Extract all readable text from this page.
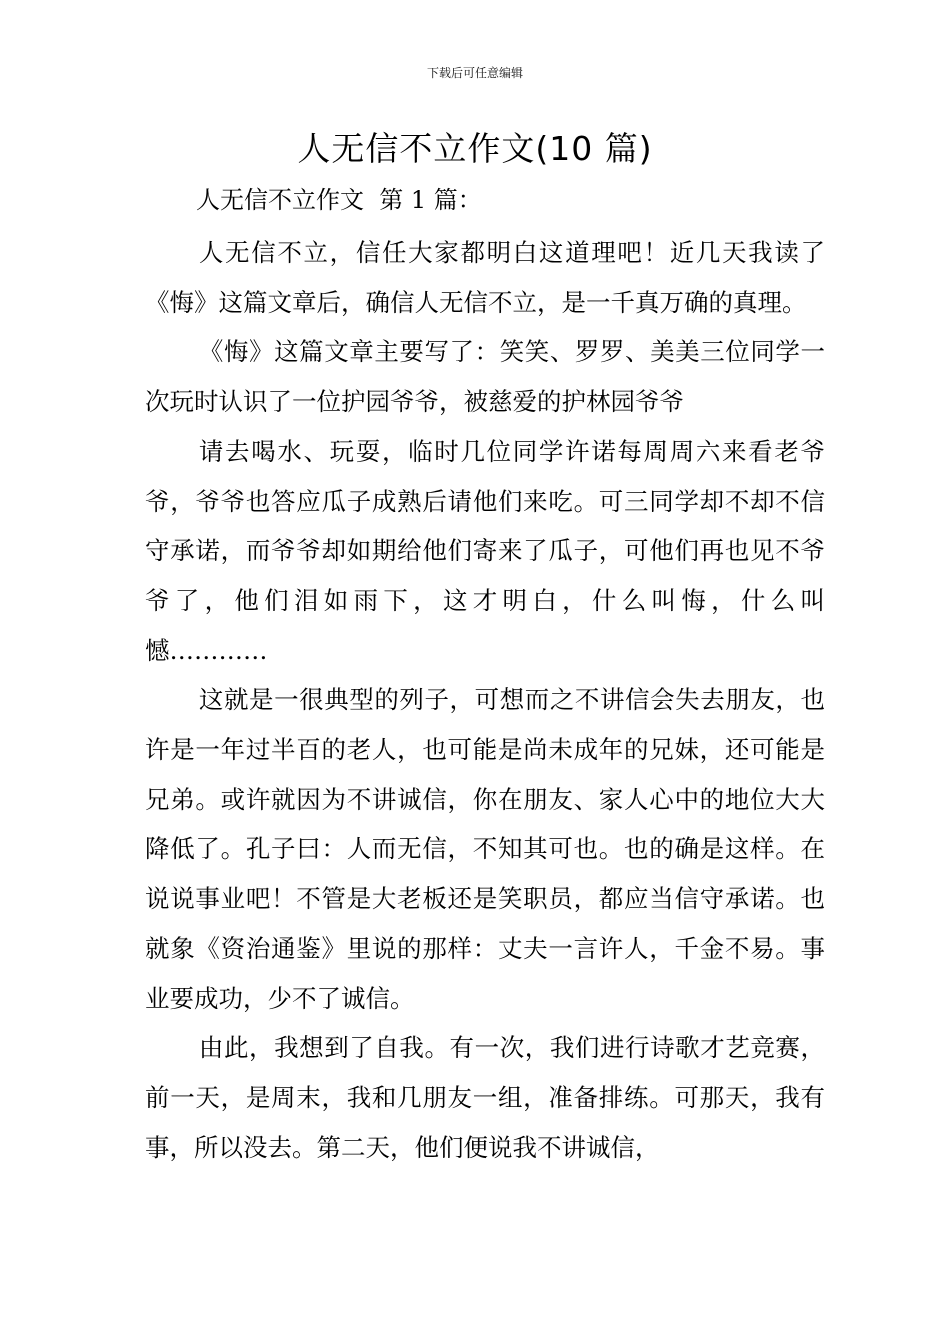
下载后可任意编辑
人无信不立作文(10 篇)
人无信不立作文  第 1 篇：

人无信不立，信任大家都明白这道理吧！近几天我读了《悔》这篇文章后，确信人无信不立，是一千真万确的真理。

《悔》这篇文章主要写了：笑笑、罗罗、美美三位同学一次玩时认识了一位护园爷爷，被慈爱的护林园爷爷

请去喝水、玩耍，临时几位同学许诺每周周六来看老爷爷，爷爷也答应瓜子成熟后请他们来吃。可三同学却不却不信守承诺，而爷爷却如期给他们寄来了瓜子，可他们再也见不爷爷了，他们泪如雨下，这才明白，什么叫悔，什么叫憾…………

这就是一很典型的列子，可想而之不讲信会失去朋友，也许是一年过半百的老人，也可能是尚未成年的兄妹，还可能是兄弟。或许就因为不讲诚信，你在朋友、家人心中的地位大大降低了。孔子曰：人而无信，不知其可也。也的确是这样。在说说事业吧！不管是大老板还是笑职员，都应当信守承诺。也就象《资治通鉴》里说的那样：丈夫一言许人，千金不易。事业要成功，少不了诚信。

由此，我想到了自我。有一次，我们进行诗歌才艺竞赛，前一天，是周末，我和几朋友一组，准备排练。可那天，我有事，所以没去。第二天，他们便说我不讲诚信，
